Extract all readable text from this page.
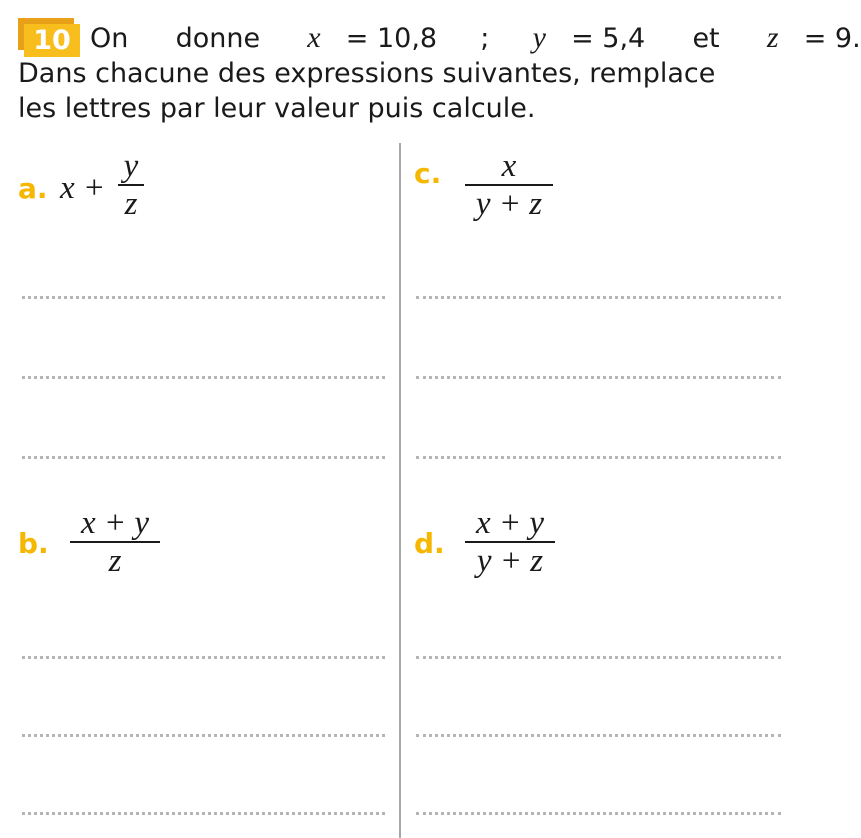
10 On donne x = 10,8 ; y = 5,4 et z = 9.
Dans chacune des expressions suivantes, remplace
les lettres par leur valeur puis calcule.
a. x +
y
z
c.	x
y + z
b.
x + y
z	d.
x + y
y + z
